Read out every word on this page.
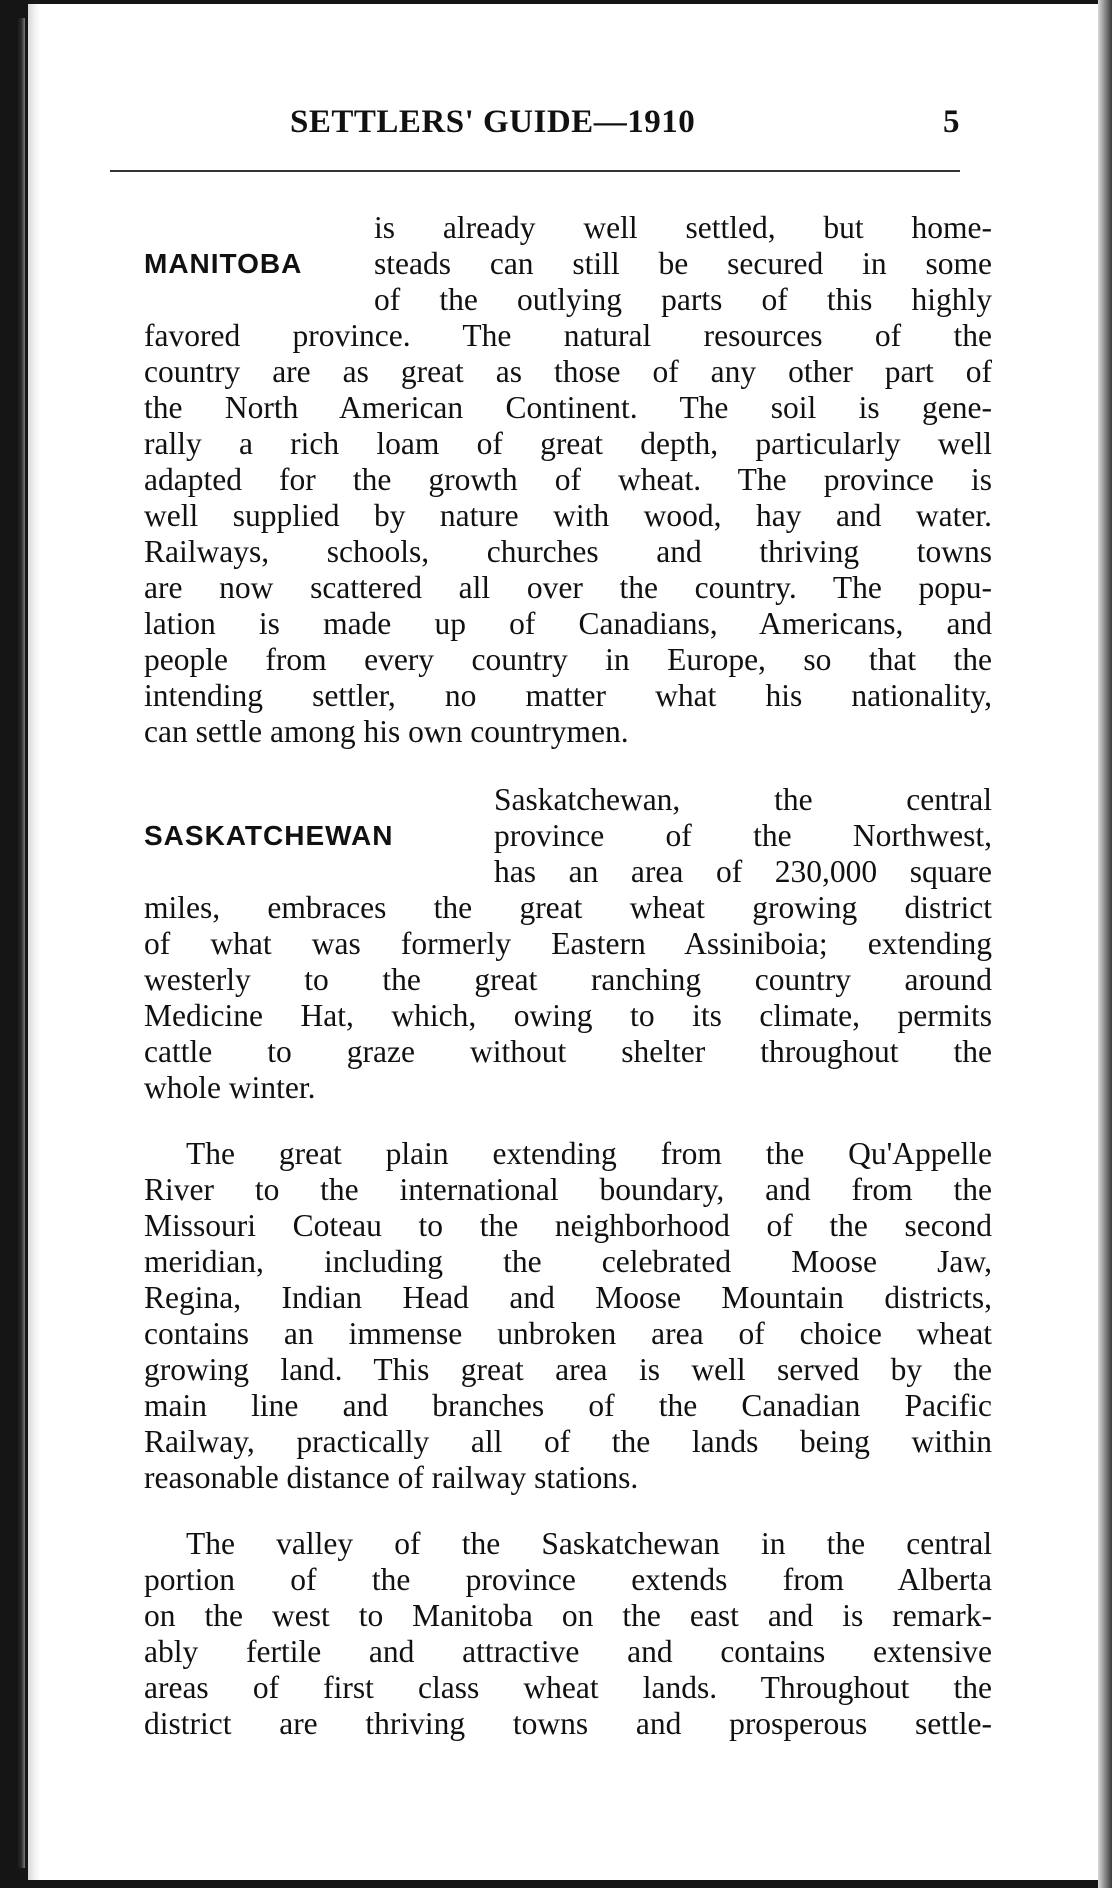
SETTLERS' GUIDE—1910	5
MANITOBA
is already well settled, but home-
steads can still be secured in some
of the outlying parts of this highly
favored province. The natural resources of the
country are as great as those of any other part of
the North American Continent. The soil is gene-
rally a rich loam of great depth, particularly well
adapted for the growth of wheat. The province is
well supplied by nature with wood, hay and water.
Railways, schools, churches and thriving towns
are now scattered all over the country. The popu-
lation is made up of Canadians, Americans, and
people from every country in Europe, so that the
intending settler, no matter what his nationality,
can settle among his own countrymen.
SASKATCHEWAN
Saskatchewan, the central
province of the Northwest,
has an area of 230,000 square
miles, embraces the great wheat growing district
of what was formerly Eastern Assiniboia; extending
westerly to the great ranching country around
Medicine Hat, which, owing to its climate, permits
cattle to graze without shelter throughout the
whole winter.
The great plain extending from the Qu'Appelle
River to the international boundary, and from the
Missouri Coteau to the neighborhood of the second
meridian, including the celebrated Moose Jaw,
Regina, Indian Head and Moose Mountain districts,
contains an immense unbroken area of choice wheat
growing land. This great area is well served by the
main line and branches of the Canadian Pacific
Railway, practically all of the lands being within
reasonable distance of railway stations.
The valley of the Saskatchewan in the central
portion of the province extends from Alberta
on the west to Manitoba on the east and is remark-
ably fertile and attractive and contains extensive
areas of first class wheat lands. Throughout the
district are thriving towns and prosperous settle-
